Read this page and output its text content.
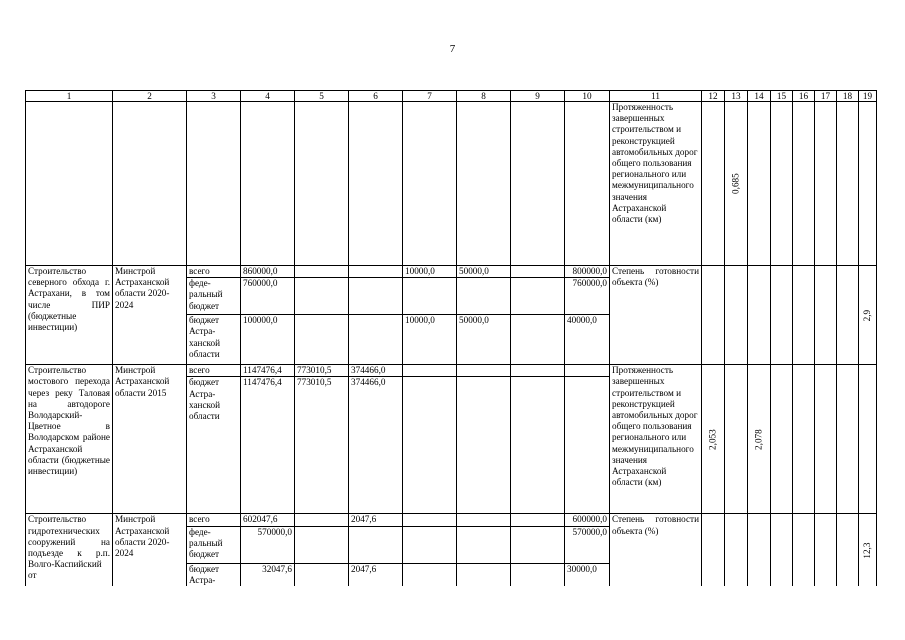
7
1	2	3	4	5	6	7	8	9	10	11	12	13	14	15	16	17	18	19
										Протяженность завершенных строительством и реконструкцией автомобильных дорог общего пользования регионального или межмуниципального значения Астраханской области (км)		0,685						

Строительство северного обхода г. Астрахани, в том числе ПИР (бюджетные инвестиции)	Минстрой Астраханской области 2020-2024	всего	860000,0			10000,0	50000,0		800000,0	Степень готовности объекта (%)								2,9

		феде-ральный бюджет	760000,0						760000,0									
		бюджет Астра-ханской области	100000,0			10000,0	50000,0		40000,0									
Строительство мостового перехода через реку Таловая на автодороге Володарский-Цветное в Володарском районе Астраханской области (бюджетные инвестиции)	Минстрой Астраханской области 2015	всего	1147476,4	773010,5	374466,0					Протяженность завершенных строительством и реконструкцией автомобильных дорог общего пользования регионального или межмуниципального значения Астраханской области (км)	2,053		2,078					

		бюджет Астра-ханской области	1147476,4	773010,5	374466,0													
Строительство гидротехнических сооружений на подъезде к р.п. Волго-Каспийский от	Минстрой Астраханской области 2020-2024	всего	602047,6		2047,6				600000,0	Степень готовности объекта (%)								12,3

		феде-ральный бюджет	570000,0						570000,0									
		бюджет Астра-	32047,6		2047,6				30000,0									
